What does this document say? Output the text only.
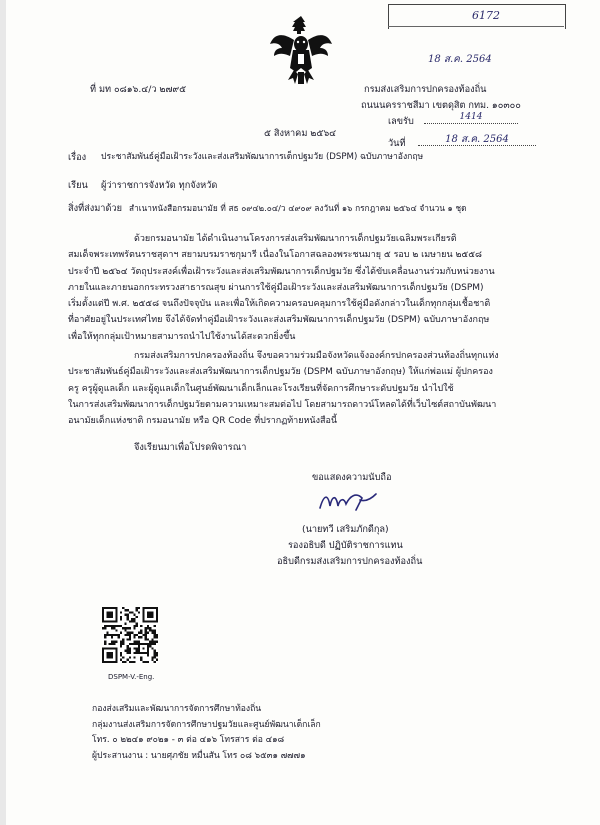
6172
18 ส.ค. 2564
ที่ มท ๐๘๑๖.๔/ว ๒๗๙๕	กรมส่งเสริมการปกครองท้องถิ่น
ถนนนครราชสีมา เขตดุสิต กทม. ๑๐๓๐๐
เลขรับ	1414
๕ สิงหาคม ๒๕๖๔
วันที่	18 ส.ค. 2564
เรื่อง ประชาสัมพันธ์คู่มือเฝ้าระวังและส่งเสริมพัฒนาการเด็กปฐมวัย (DSPM) ฉบับภาษาอังกฤษ
เรียน ผู้ว่าราชการจังหวัด ทุกจังหวัด
สิ่งที่ส่งมาด้วย สำเนาหนังสือกรมอนามัย ที่ สธ ๐๙๔๒.๐๔/ว ๔๙๐๙ ลงวันที่ ๑๖ กรกฎาคม ๒๕๖๔ จำนวน ๑ ชุด
ด้วยกรมอนามัย ได้ดำเนินงานโครงการส่งเสริมพัฒนาการเด็กปฐมวัยเฉลิมพระเกียรติ
สมเด็จพระเทพรัตนราชสุดาฯ สยามบรมราชกุมารี เนื่องในโอกาสฉลองพระชนมายุ ๕ รอบ ๒ เมษายน ๒๕๕๘
ประจำปี ๒๕๖๔ วัตถุประสงค์เพื่อเฝ้าระวังและส่งเสริมพัฒนาการเด็กปฐมวัย ซึ่งได้ขับเคลื่อนงานร่วมกับหน่วยงาน
ภายในและภายนอกกระทรวงสาธารณสุข ผ่านการใช้คู่มือเฝ้าระวังและส่งเสริมพัฒนาการเด็กปฐมวัย (DSPM)
เริ่มตั้งแต่ปี พ.ศ. ๒๕๕๘ จนถึงปัจจุบัน และเพื่อให้เกิดความครอบคลุมการใช้คู่มือดังกล่าวในเด็กทุกกลุ่มเชื้อชาติ
ที่อาศัยอยู่ในประเทศไทย จึงได้จัดทำคู่มือเฝ้าระวังและส่งเสริมพัฒนาการเด็กปฐมวัย (DSPM) ฉบับภาษาอังกฤษ
เพื่อให้ทุกกลุ่มเป้าหมายสามารถนำไปใช้งานได้สะดวกยิ่งขึ้น
กรมส่งเสริมการปกครองท้องถิ่น จึงขอความร่วมมือจังหวัดแจ้งองค์กรปกครองส่วนท้องถิ่นทุกแห่ง
ประชาสัมพันธ์คู่มือเฝ้าระวังและส่งเสริมพัฒนาการเด็กปฐมวัย (DSPM ฉบับภาษาอังกฤษ) ให้แก่พ่อแม่ ผู้ปกครอง
ครู ครูผู้ดูแลเด็ก และผู้ดูแลเด็กในศูนย์พัฒนาเด็กเล็กและโรงเรียนที่จัดการศึกษาระดับปฐมวัย นำไปใช้
ในการส่งเสริมพัฒนาการเด็กปฐมวัยตามความเหมาะสมต่อไป โดยสามารถดาวน์โหลดได้ที่เว็บไซต์สถาบันพัฒนา
อนามัยเด็กแห่งชาติ กรมอนามัย หรือ QR Code ที่ปรากฏท้ายหนังสือนี้
จึงเรียนมาเพื่อโปรดพิจารณา
ขอแสดงความนับถือ
(นายทวี เสริมภักดีกุล)
รองอธิบดี ปฏิบัติราชการแทน
อธิบดีกรมส่งเสริมการปกครองท้องถิ่น
DSPM-V.-Eng.
กองส่งเสริมและพัฒนาการจัดการศึกษาท้องถิ่น
กลุ่มงานส่งเสริมการจัดการศึกษาปฐมวัยและศูนย์พัฒนาเด็กเล็ก
โทร. ๐ ๒๒๔๑ ๙๐๒๑ - ๓ ต่อ ๔๑๖ โทรสาร ต่อ ๔๑๘
ผู้ประสานงาน : นายศุภชัย หมื่นสัน โทร ๐๘ ๖๕๓๑ ๗๗๗๑
